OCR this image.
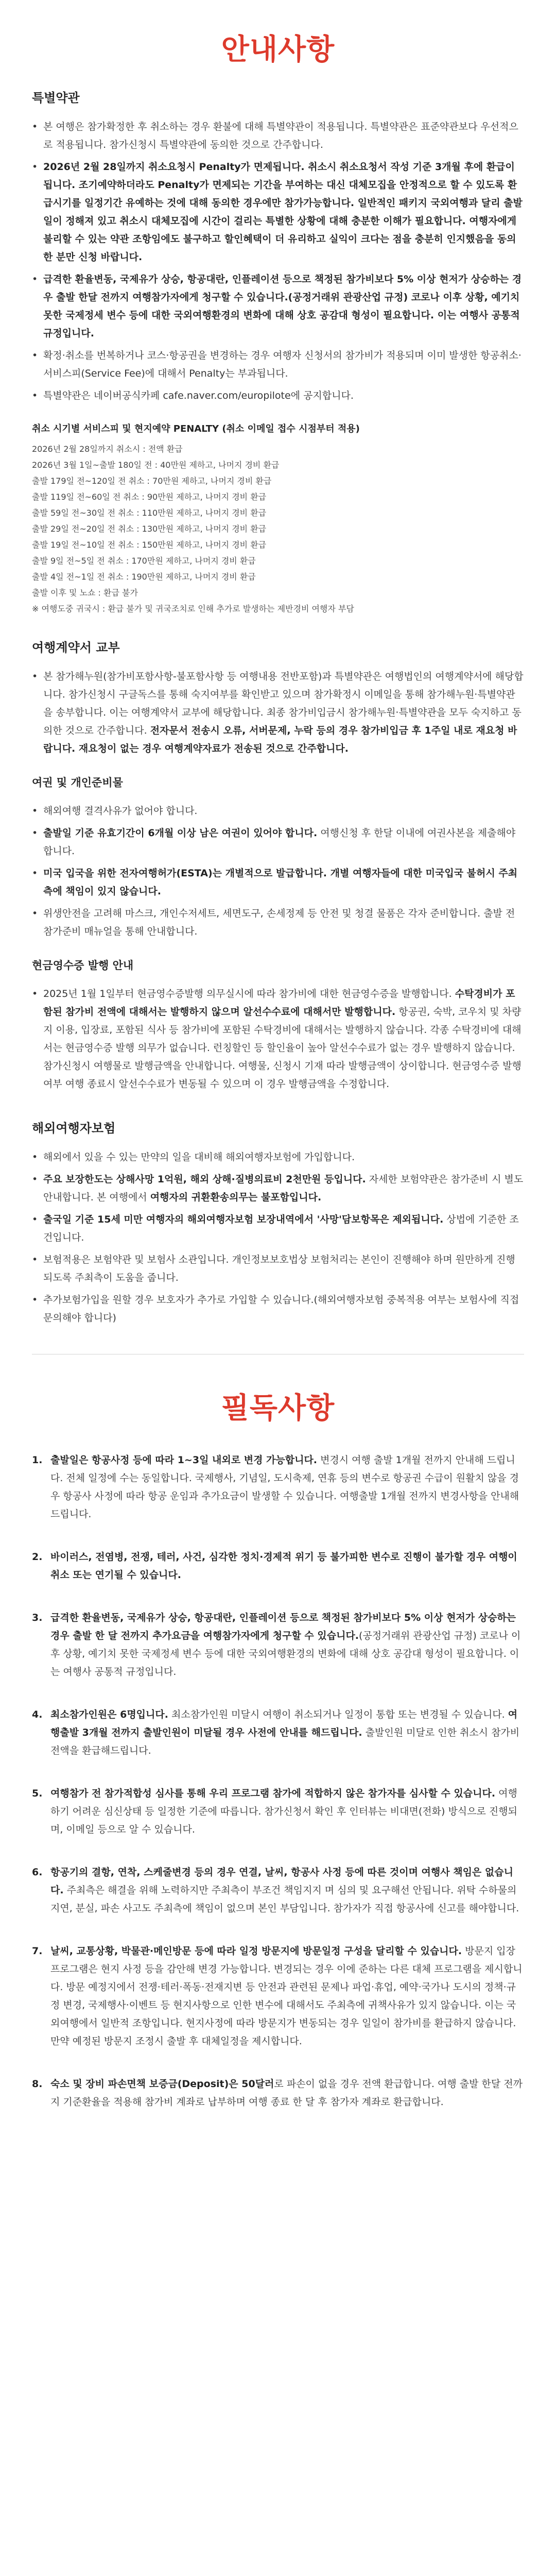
안내사항
특별약관
• 본 여행은 참가확정한 후 취소하는 경우 환불에 대해 특별약관이 적용됩니다. 특별약관은 표준약관보다 우선적으로 적용됩니다. 참가신청시 특별약관에 동의한 것으로 간주합니다.
• 2026년 2월 28일까지 취소요청시 Penalty가 면제됩니다. 취소시 취소요청서 작성 기준 3개월 후에 환급이 됩니다. 조기예약하더라도 Penalty가 면제되는 기간을 부여하는 대신 대체모집을 안정적으로 할 수 있도록 환급시기를 일정기간 유예하는 것에 대해 동의한 경우에만 참가가능합니다. 일반적인 패키지 국외여행과 달리 출발일이 정해져 있고 취소시 대체모집에 시간이 걸리는 특별한 상황에 대해 충분한 이해가 필요합니다. 여행자에게 불리할 수 있는 약관 조항임에도 불구하고 할인혜택이 더 유리하고 실익이 크다는 점을 충분히 인지했음을 동의한 분만 신청 바랍니다.
• 급격한 환율변동, 국제유가 상승, 항공대란, 인플레이션 등으로 책정된 참가비보다 5% 이상 현저가 상승하는 경우 출발 한달 전까지 여행참가자에게 청구할 수 있습니다.(공정거래위 관광산업 규정) 코로나 이후 상황, 예기치 못한 국제정세 변수 등에 대한 국외여행환경의 변화에 대해 상호 공감대 형성이 필요합니다. 이는 여행사 공통적 규정입니다.
• 확정·취소를 번복하거나 코스·항공권을 변경하는 경우 여행자 신청서의 참가비가 적용되며 이미 발생한 항공취소·서비스피(Service Fee)에 대해서 Penalty는 부과됩니다.
• 특별약관은 네이버공식카페 cafe.naver.com/europilote에 공지합니다.
취소 시기별 서비스피 및 현지예약 PENALTY (취소 이메일 접수 시점부터 적용)

2026년 2월 28일까지 취소시 : 전액 환급

2026년 3월 1일~출발 180일 전 : 40만원 제하고, 나머지 경비 환급

출발 179일 전~120일 전 취소 : 70만원 제하고, 나머지 경비 환급

출발 119일 전~60일 전 취소 : 90만원 제하고, 나머지 경비 환급

출발 59일 전~30일 전 취소 : 110만원 제하고, 나머지 경비 환급

출발 29일 전~20일 전 취소 : 130만원 제하고, 나머지 경비 환급

출발 19일 전~10일 전 취소 : 150만원 제하고, 나머지 경비 환급

출발 9일 전~5일 전 취소 : 170만원 제하고, 나머지 경비 환급

출발 4일 전~1일 전 취소 : 190만원 제하고, 나머지 경비 환급

출발 이후 및 노쇼 : 환급 불가

※ 여행도중 귀국시 : 환급 불가 및 귀국조치로 인해 추가로 발생하는 제반경비 여행자 부담

여행계약서 교부
• 본 참가해누원(참가비포함사항-불포함사항 등 여행내용 전반포함)과 특별약관은 여행법인의 여행계약서에 해당합니다. 참가신청시 구글독스를 통해 숙지여부를 확인받고 있으며 참가확정시 이메일을 통해 참가해누원·특별약관을 송부합니다. 이는 여행계약서 교부에 해당합니다. 최종 참가비입금시 참가해누원·특별약관을 모두 숙지하고 동의한 것으로 간주합니다. 전자문서 전송시 오류, 서버문제, 누락 등의 경우 참가비입금 후 1주일 내로 재요청 바랍니다. 재요청이 없는 경우 여행계약자료가 전송된 것으로 간주합니다.
여권 및 개인준비물
• 해외여행 결격사유가 없어야 합니다.
• 출발일 기준 유효기간이 6개월 이상 남은 여권이 있어야 합니다. 여행신청 후 한달 이내에 여권사본을 제출해야 합니다.
• 미국 입국을 위한 전자여행허가(ESTA)는 개별적으로 발급합니다. 개별 여행자들에 대한 미국입국 불허시 주최측에 책임이 있지 않습니다.
• 위생안전을 고려해 마스크, 개인수저세트, 세면도구, 손세정제 등 안전 및 청결 물품은 각자 준비합니다. 출발 전 참가준비 매뉴얼을 통해 안내합니다.
현금영수증 발행 안내
• 2025년 1월 1일부터 현금영수증발행 의무실시에 따라 참가비에 대한 현금영수증을 발행합니다. 수탁경비가 포함된 참가비 전액에 대해서는 발행하지 않으며 알선수수료에 대해서만 발행합니다. 항공권, 숙박, 코우치 및 차량지 이용, 입장료, 포함된 식사 등 참가비에 포함된 수탁경비에 대해서는 발행하지 않습니다. 각종 수탁경비에 대해서는 현금영수증 발행 의무가 없습니다. 런칭할인 등 할인율이 높아 알선수수료가 없는 경우 발행하지 않습니다. 참가신청시 여행물로 발행금액을 안내합니다. 여행물, 신청시 기재 따라 발행금액이 상이합니다. 현금영수증 발행 여부 여행 종료시 알선수수료가 변동될 수 있으며 이 경우 발행금액을 수정합니다.
해외여행자보험
• 해외에서 있을 수 있는 만약의 일을 대비해 해외여행자보험에 가입합니다.
• 주요 보장한도는 상해사망 1억원, 해외 상해·질병의료비 2천만원 등입니다. 자세한 보험약관은 참가준비 시 별도 안내합니다. 본 여행에서 여행자의 귀환환송의무는 불포함입니다.
• 출국일 기준 15세 미만 여행자의 해외여행자보험 보장내역에서 '사망'담보항목은 제외됩니다. 상법에 기준한 조건입니다.
• 보험적용은 보험약관 및 보험사 소관입니다. 개인정보보호법상 보험처리는 본인이 진행해야 하며 원만하게 진행되도록 주최측이 도움을 줍니다.
• 추가보험가입을 원할 경우 보호자가 추가로 가입할 수 있습니다.(해외여행자보험 중복적용 여부는 보험사에 직접 문의해야 합니다)
필독사항
1. 출발일은 항공사정 등에 따라 1~3일 내외로 변경 가능합니다. 변경시 여행 출발 1개월 전까지 안내해 드립니다. 전체 일정에 수는 동일합니다. 국제행사, 기념일, 도시축제, 연휴 등의 변수로 항공권 수급이 원활치 않을 경우 항공사 사정에 따라 항공 운임과 추가요금이 발생할 수 있습니다. 여행출발 1개월 전까지 변경사항을 안내해 드립니다.
2. 바이러스, 전염병, 전쟁, 테러, 사건, 심각한 정치·경제적 위기 등 불가피한 변수로 진행이 불가할 경우 여행이 취소 또는 연기될 수 있습니다.
3. 급격한 환율변동, 국제유가 상승, 항공대란, 인플레이션 등으로 책정된 참가비보다 5% 이상 현저가 상승하는 경우 출발 한 달 전까지 추가요금을 여행참가자에게 청구할 수 있습니다.(공정거래위 관광산업 규정) 코로나 이후 상황, 예기치 못한 국제정세 변수 등에 대한 국외여행환경의 변화에 대해 상호 공감대 형성이 필요합니다. 이는 여행사 공통적 규정입니다.
4. 최소참가인원은 6명입니다. 최소참가인원 미달시 여행이 취소되거나 일정이 통합 또는 변경될 수 있습니다. 여행출발 3개월 전까지 출발인원이 미달될 경우 사전에 안내를 해드립니다. 출발인원 미달로 인한 취소시 참가비 전액을 환급해드립니다.
5. 여행참가 전 참가적합성 심사를 통해 우리 프로그램 참가에 적합하지 않은 참가자를 심사할 수 있습니다. 여행하기 어려운 심신상태 등 일정한 기준에 따릅니다. 참가신청서 확인 후 인터뷰는 비대면(전화) 방식으로 진행되며, 이메일 등으로 알 수 있습니다.
6. 항공기의 결항, 연착, 스케줄변경 등의 경우 연결, 날씨, 항공사 사정 등에 따른 것이며 여행사 책임은 없습니다. 주최측은 해결을 위해 노력하지만 주최측이 부조건 책임지지 며 심의 및 요구해선 안됩니다. 위탁 수하물의 지연, 분실, 파손 사고도 주최측에 책임이 없으며 본인 부담입니다. 참가자가 직접 항공사에 신고를 해야합니다.
7. 날씨, 교통상황, 박물관·메인방문 등에 따라 일정 방문지에 방문일정 구성을 달리할 수 있습니다. 방문지 입장 프로그램은 현지 사정 등을 감안해 변경 가능합니다. 변경되는 경우 이에 준하는 다른 대체 프로그램을 제시합니다. 방문 예정지에서 전쟁·테러·폭동·전재지변 등 안전과 관련된 문제나 파업·휴업, 예약·국가나 도시의 정책·규정 변경, 국제행사·이벤트 등 현지사항으로 인한 변수에 대해서도 주최측에 귀책사유가 있지 않습니다. 이는 국외여행에서 일반적 조항입니다. 현지사정에 따라 방문지가 변동되는 경우 일일이 참가비를 환급하지 않습니다. 만약 예정된 방문지 조정시 출발 후 대체일정을 제시합니다.
8. 숙소 및 장비 파손면책 보증금(Deposit)은 50달러로 파손이 없을 경우 전액 환급합니다. 여행 출발 한달 전까지 기준환율을 적용해 참가비 계좌로 납부하며 여행 종료 한 달 후 참가자 계좌로 환급합니다.
